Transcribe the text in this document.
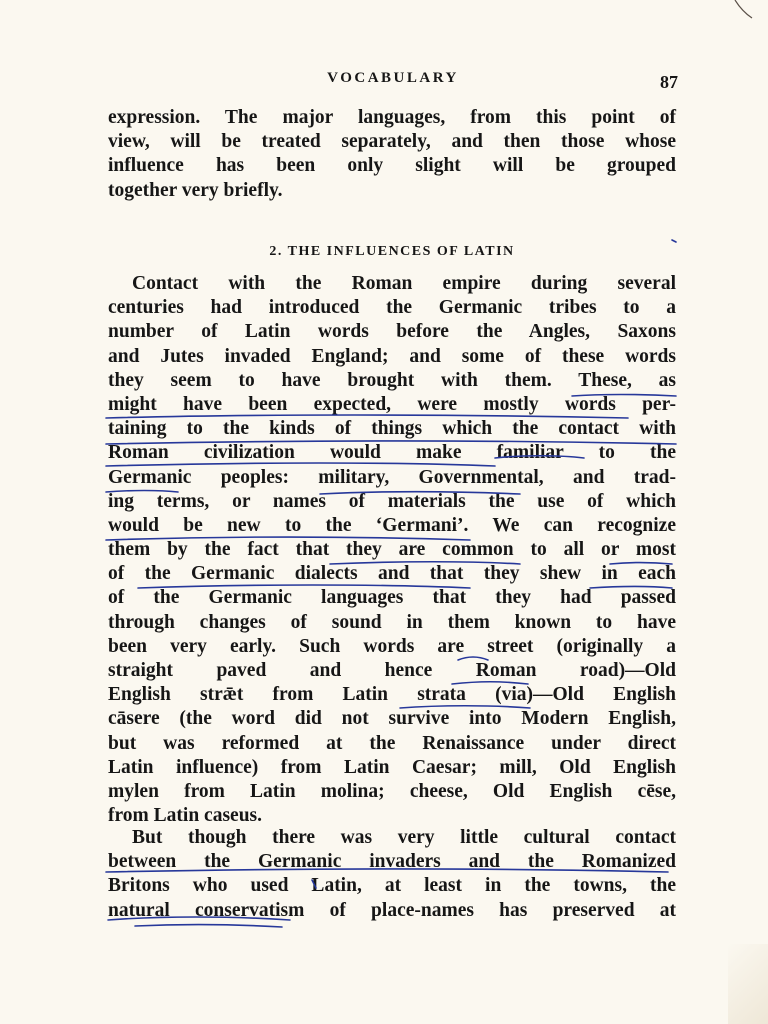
VOCABULARY	87
expression. The major languages, from this point of
view, will be treated separately, and then those whose
influence has been only slight will be grouped
together very briefly.
2. THE INFLUENCES OF LATIN
Contact with the Roman empire during several
centuries had introduced the Germanic tribes to a
number of Latin words before the Angles, Saxons
and Jutes invaded England; and some of these words
they seem to have brought with them. These, as
might have been expected, were mostly words per-
taining to the kinds of things which the contact with
Roman civilization would make familiar to the
Germanic peoples: military, Governmental, and trad-
ing terms, or names of materials the use of which
would be new to the ‘Germani’. We can recognize
them by the fact that they are common to all or most
of the Germanic dialects and that they shew in each
of the Germanic languages that they had passed
through changes of sound in them known to have
been very early. Such words are street (originally a
straight paved and hence Roman road)—Old
English strǣt from Latin strata (via)—Old English
cāsere (the word did not survive into Modern English,
but was reformed at the Renaissance under direct
Latin influence) from Latin Caesar; mill, Old English
mylen from Latin molina; cheese, Old English cēse,
from Latin caseus.
But though there was very little cultural contact
between the Germanic invaders and the Romanized
Britons who used Latin, at least in the towns, the
natural conservatism of place-names has preserved at
